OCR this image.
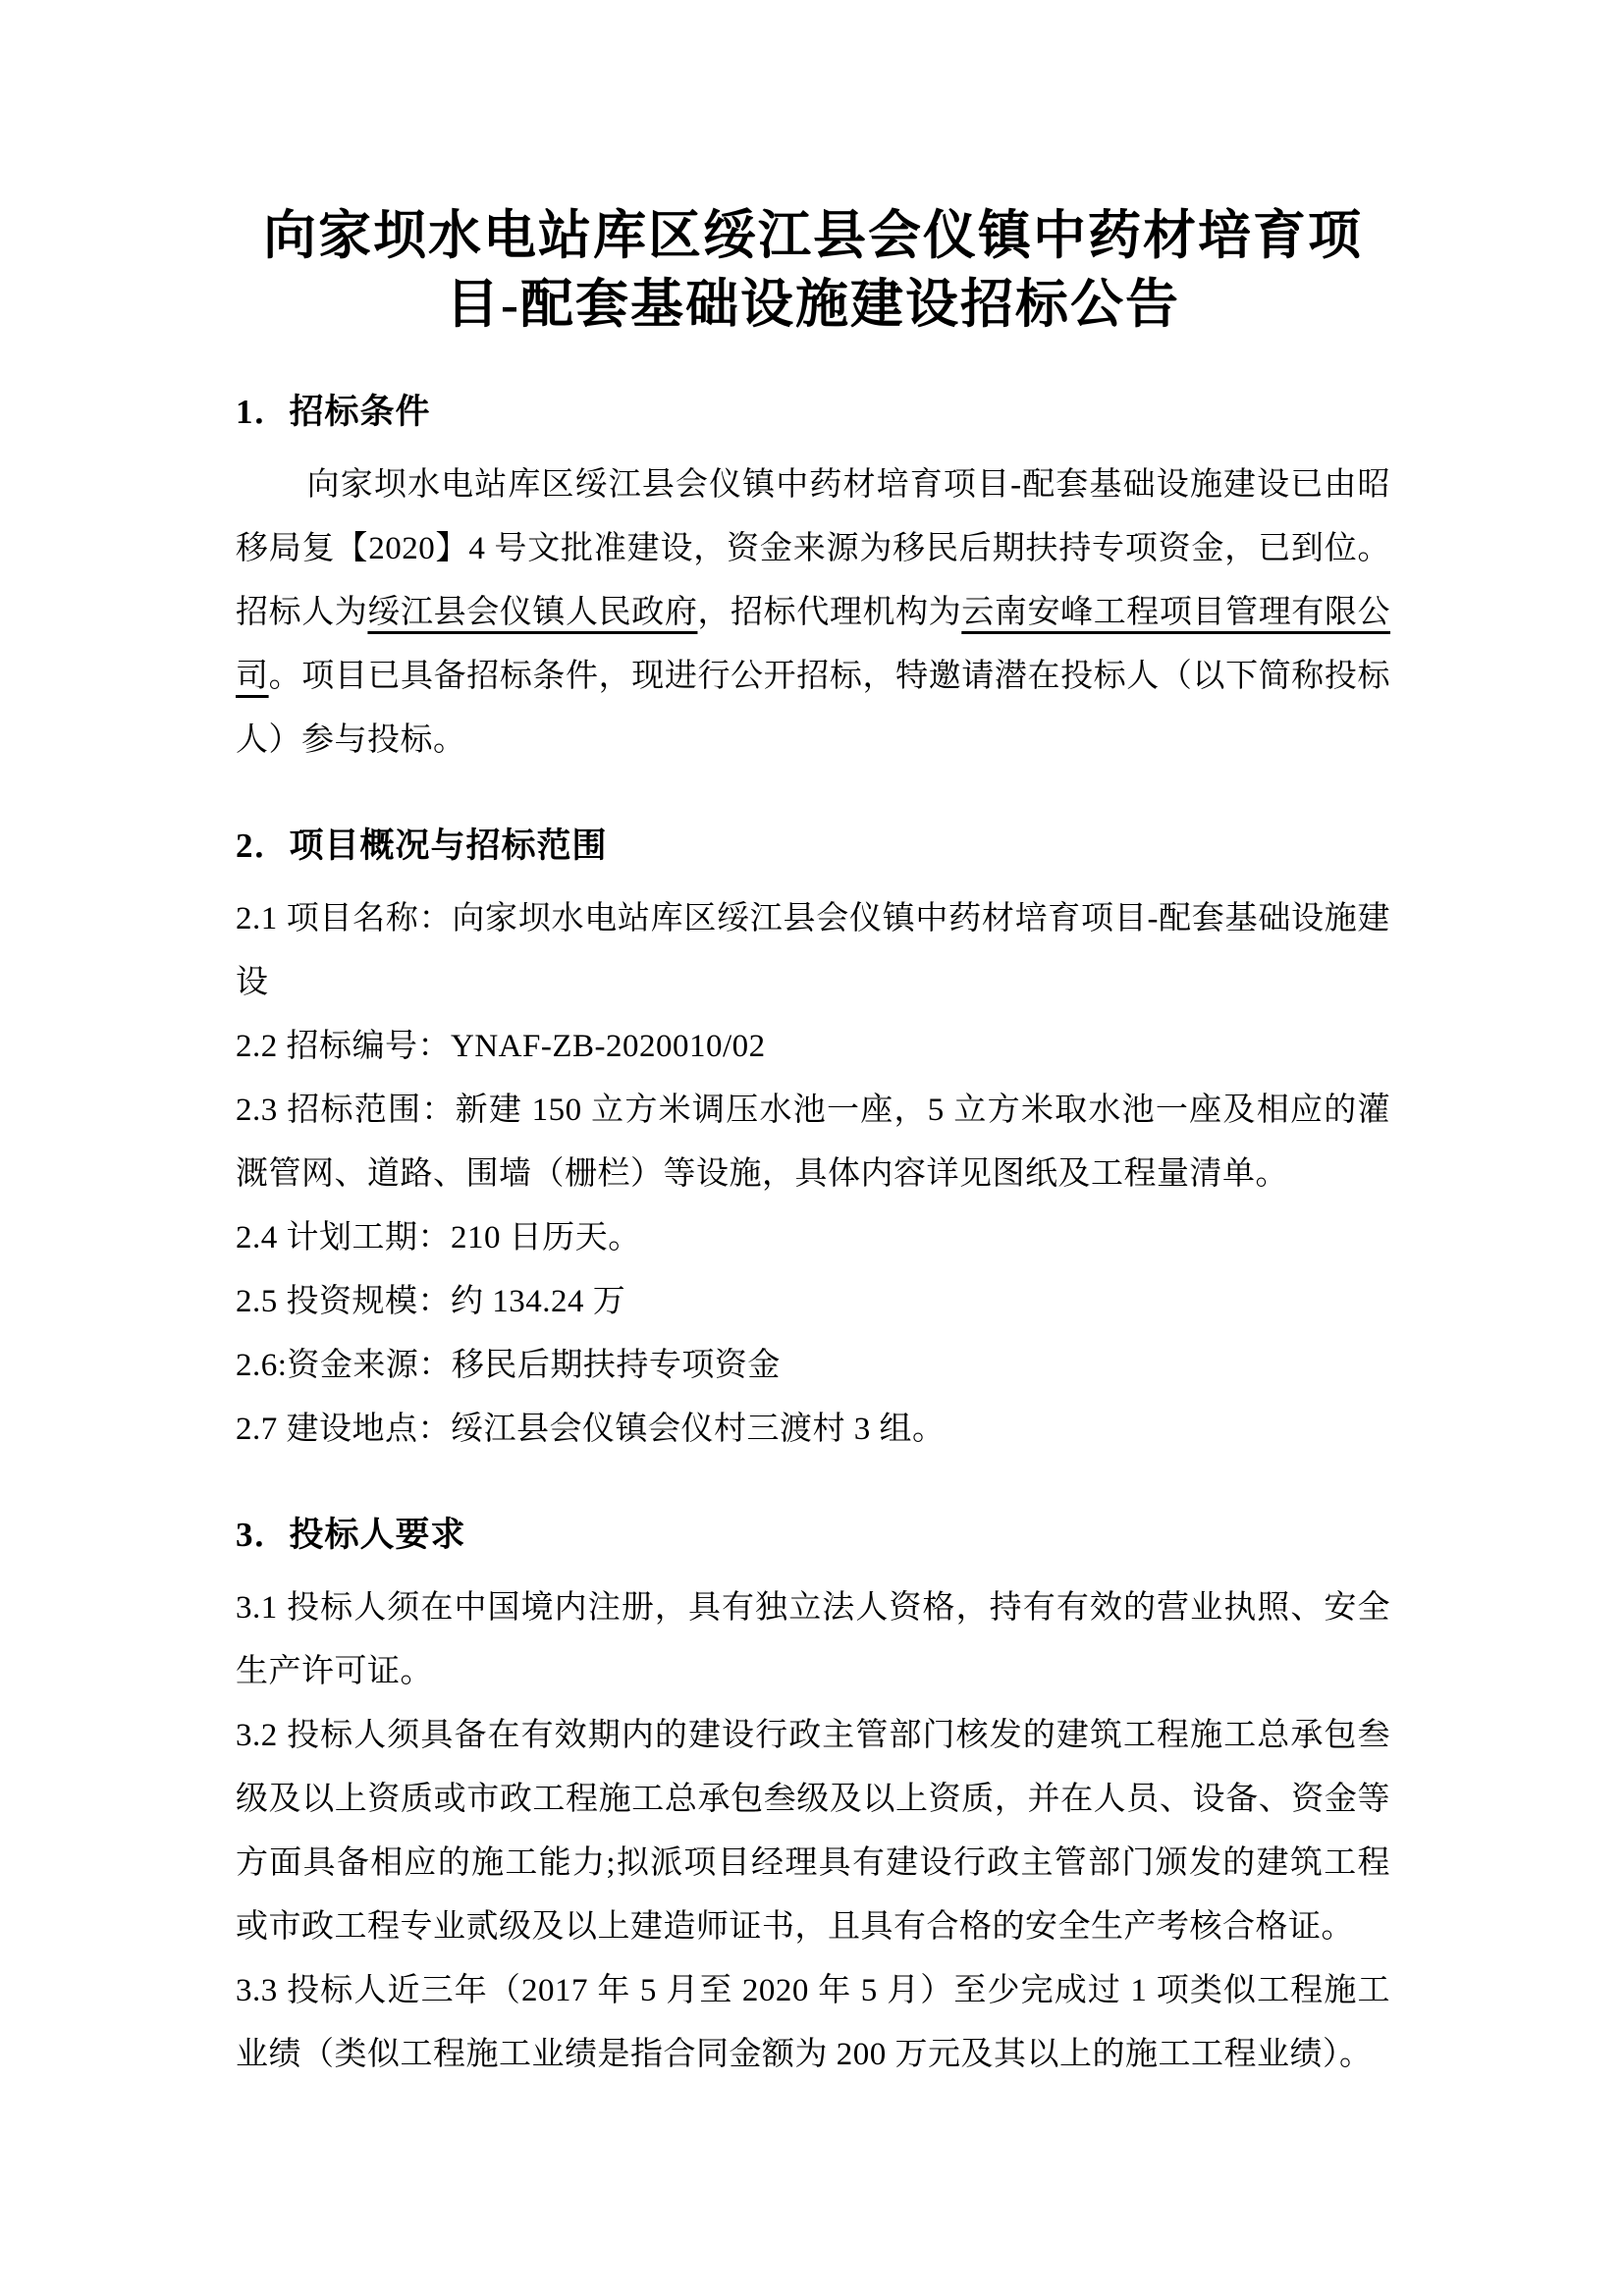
向家坝水电站库区绥江县会仪镇中药材培育项
目-配套基础设施建设招标公告
1．招标条件

向家坝水电站库区绥江县会仪镇中药材培育项目-配套基础设施建设已由昭移局复【2020】4 号文批准建设，资金来源为移民后期扶持专项资金，已到位。招标人为绥江县会仪镇人民政府，招标代理机构为云南安峰工程项目管理有限公司。项目已具备招标条件，现进行公开招标，特邀请潜在投标人（以下简称投标人）参与投标。

2．项目概况与招标范围

2.1 项目名称：向家坝水电站库区绥江县会仪镇中药材培育项目-配套基础设施建设

2.2 招标编号：YNAF-ZB-2020010/02

2.3 招标范围：新建 150 立方米调压水池一座，5 立方米取水池一座及相应的灌溉管网、道路、围墙（栅栏）等设施，具体内容详见图纸及工程量清单。

2.4 计划工期：210 日历天。

2.5 投资规模：约 134.24 万

2.6:资金来源：移民后期扶持专项资金

2.7 建设地点：绥江县会仪镇会仪村三渡村 3 组。

3．投标人要求

3.1 投标人须在中国境内注册，具有独立法人资格，持有有效的营业执照、安全生产许可证。

3.2 投标人须具备在有效期内的建设行政主管部门核发的建筑工程施工总承包叁级及以上资质或市政工程施工总承包叁级及以上资质，并在人员、设备、资金等方面具备相应的施工能力;拟派项目经理具有建设行政主管部门颁发的建筑工程或市政工程专业贰级及以上建造师证书，且具有合格的安全生产考核合格证。

3.3 投标人近三年（2017 年 5 月至 2020 年 5 月）至少完成过 1 项类似工程施工业绩（类似工程施工业绩是指合同金额为 200 万元及其以上的施工工程业绩）。
